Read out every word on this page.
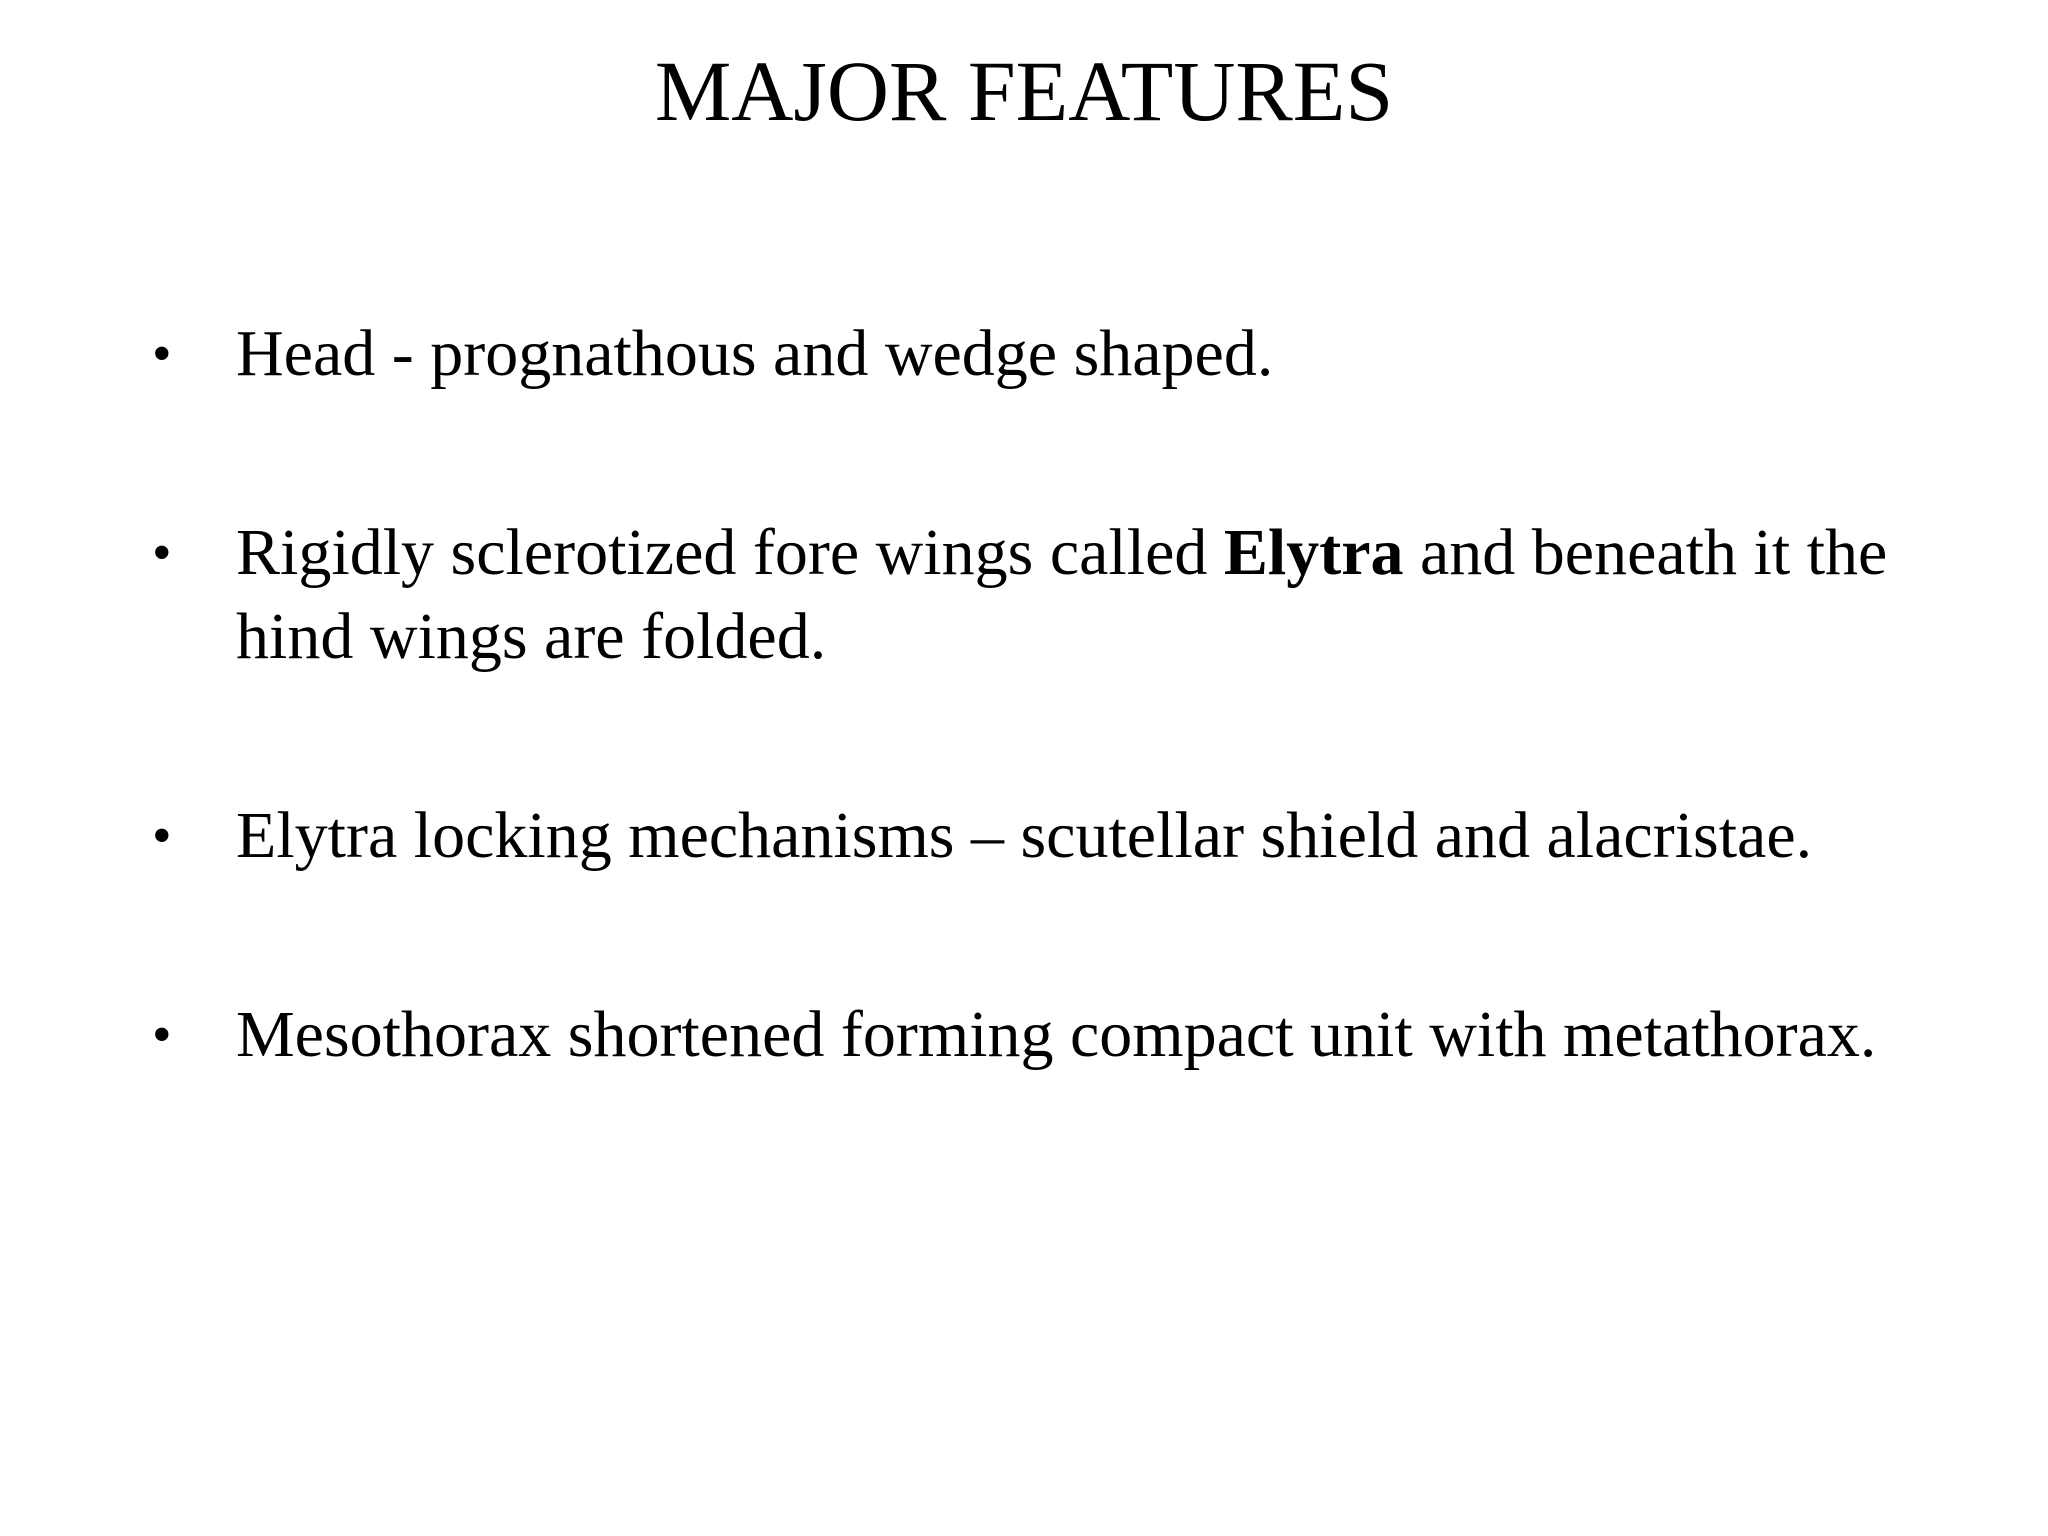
MAJOR FEATURES
• Head - prognathous and wedge shaped.
• Rigidly sclerotized fore wings called Elytra and beneath it the hind wings are folded.
• Elytra locking mechanisms – scutellar shield and alacristae.
• Mesothorax shortened forming compact unit with metathorax.
